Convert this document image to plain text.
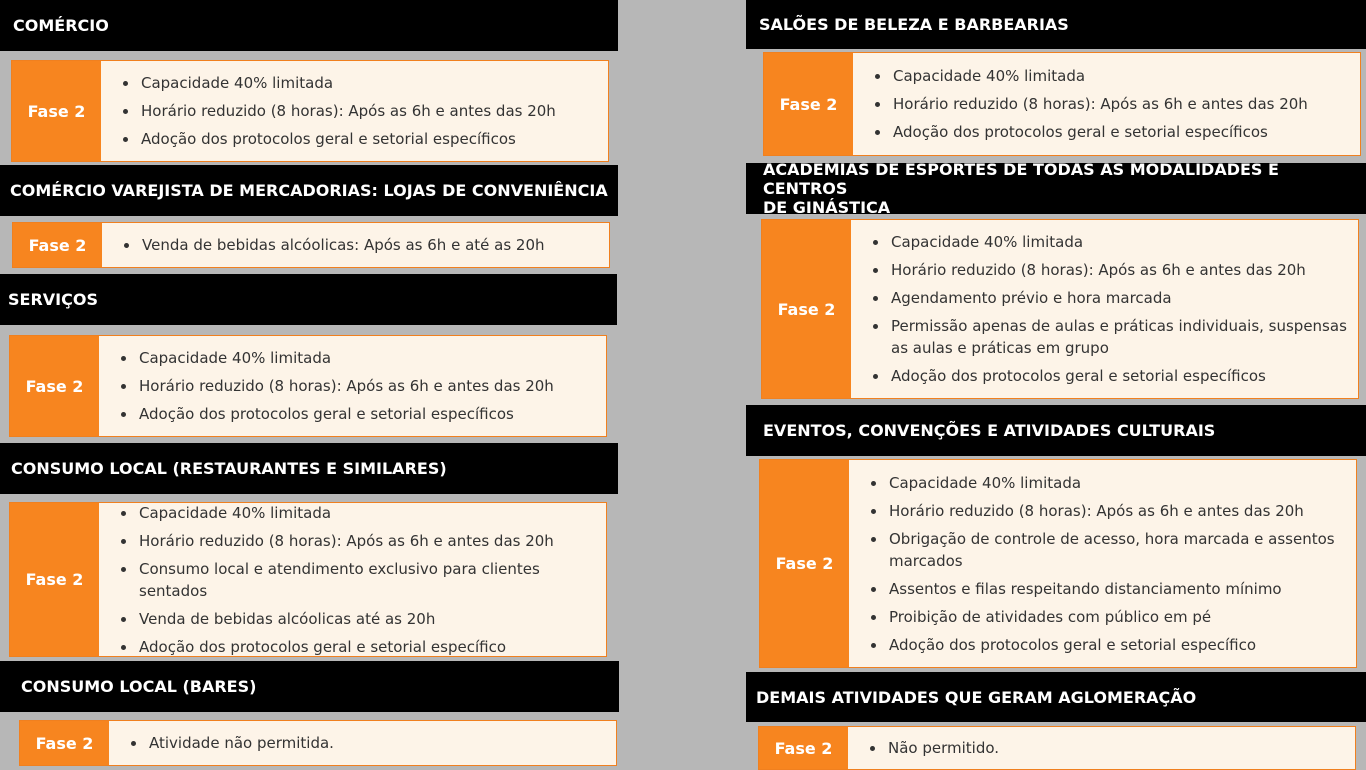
COMÉRCIO
Fase 2
Capacidade 40% limitada
Horário reduzido (8 horas): Após as 6h e antes das 20h
Adoção dos protocolos geral e setorial específicos
COMÉRCIO VAREJISTA DE MERCADORIAS: LOJAS DE CONVENIÊNCIA
Fase 2	Venda de bebidas alcóolicas: Após as 6h e até as 20h
SERVIÇOS
Fase 2
Capacidade 40% limitada
Horário reduzido (8 horas): Após as 6h e antes das 20h
Adoção dos protocolos geral e setorial específicos
CONSUMO LOCAL (RESTAURANTES E SIMILARES)
Fase 2
Capacidade 40% limitada
Horário reduzido (8 horas): Após as 6h e antes das 20h
Consumo local e atendimento exclusivo para clientes sentados
Venda de bebidas alcóolicas até as 20h
Adoção dos protocolos geral e setorial específico
CONSUMO LOCAL (BARES)
Fase 2	Atividade não permitida.
SALÕES DE BELEZA E BARBEARIAS
Fase 2
Capacidade 40% limitada
Horário reduzido (8 horas): Após as 6h e antes das 20h
Adoção dos protocolos geral e setorial específicos
ACADEMIAS DE ESPORTES DE TODAS AS MODALIDADES E CENTROS
DE GINÁSTICA
Fase 2
Capacidade 40% limitada
Horário reduzido (8 horas): Após as 6h e antes das 20h
Agendamento prévio e hora marcada
Permissão apenas de aulas e práticas individuais, suspensas as aulas e práticas em grupo
Adoção dos protocolos geral e setorial específicos
EVENTOS, CONVENÇÕES E ATIVIDADES CULTURAIS
Fase 2
Capacidade 40% limitada
Horário reduzido (8 horas): Após as 6h e antes das 20h
Obrigação de controle de acesso, hora marcada e assentos marcados
Assentos e filas respeitando distanciamento mínimo
Proibição de atividades com público em pé
Adoção dos protocolos geral e setorial específico
DEMAIS ATIVIDADES QUE GERAM AGLOMERAÇÃO
Fase 2	Não permitido.
